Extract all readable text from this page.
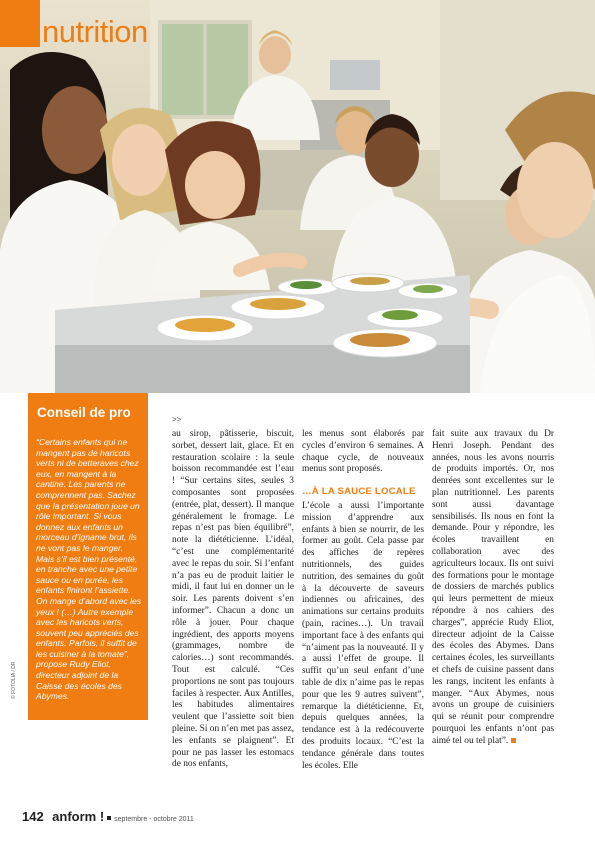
nutrition
© FOTOLIA / DR
Conseil de pro
“Certains enfants qui ne mangent pas de haricots verts ni de betteraves chez eux, en mangent à la cantine. Les parents ne comprennent pas. Sachez que la présentation joue un rôle important. Si vous donnez aux enfants un morceau d’igname brut, ils ne vont pas le manger. Mais s’il est bien présenté, en tranche avec une petite sauce ou en purée, les enfants finiront l’assiette. On mange d’abord avec les yeux ! (…) Autre exemple avec les haricots verts, souvent peu appréciés des enfants. Parfois, il suffit de les cuisiner à la tomate”, propose Rudy Eliot, directeur adjoint de la Caisse des écoles des Abymes.
>>

au sirop, pâtisserie, biscuit, sorbet, dessert lait, glace. Et en restauration scolaire : la seule boisson recommandée est l’eau ! “Sur certains sites, seules 3 composantes sont proposées (entrée, plat, dessert). Il manque généralement le fromage. Le repas n’est pas bien équilibré”, note la diététicienne. L’idéal, “c’est une complémentarité avec le repas du soir. Si l’enfant n’a pas eu de produit laitier le midi, il faut lui en donner un le soir. Les parents doivent s’en informer”. Chacun a donc un rôle à jouer. Pour chaque ingrédient, des apports moyens (grammages, nombre de calories…) sont recommandés. Tout est calculé. “Ces proportions ne sont pas toujours faciles à respecter. Aux Antilles, les habitudes alimentaires veulent que l’assiette soit bien pleine. Si on n’en met pas assez, les enfants se plaignent”. Et pour ne pas lasser les estomacs de nos enfants,

les menus sont élaborés par cycles d’environ 6 semaines. A chaque cycle, de nouveaux menus sont proposés.

…À LA SAUCE LOCALE

L’école a aussi l’importante mission d’apprendre aux enfants à bien se nourrir, de les former au goût. Cela passe par des affiches de repères nutritionnels, des guides nutrition, des semaines du goût à la découverte de saveurs indiennes ou africaines, des animations sur certains produits (pain, racines…). Un travail important face à des enfants qui “n’aiment pas la nouveauté. Il y a aussi l’effet de groupe. Il suffit qu’un seul enfant d’une table de dix n’aime pas le repas pour que les 9 autres suivent”, remarque la diététicienne. Et, depuis quelques années, la tendance est à la redécouverte des produits locaux. “C’est la tendance générale dans toutes les écoles. Elle

fait suite aux travaux du Dr Henri Joseph. Pendant des années, nous les avons nourris de produits importés. Or, nos denrées sont excellentes sur le plan nutritionnel. Les parents sont aussi davantage sensibilisés. Ils nous en font la demande. Pour y répondre, les écoles travaillent en collaboration avec des agriculteurs locaux. Ils ont suivi des formations pour le montage de dossiers de marchés publics qui leurs permettent de mieux répondre à nos cahiers des charges”, apprécie Rudy Eliot, directeur adjoint de la Caisse des écoles des Abymes. Dans certaines écoles, les surveillants et chefs de cuisine passent dans les rangs, incitent les enfants à manger. “Aux Abymes, nous avons un groupe de cuisiniers qui se réunit pour comprendre pourquoi les enfants n’ont pas aimé tel ou tel plat”.

142 anform ! septembre - octobre 2011
